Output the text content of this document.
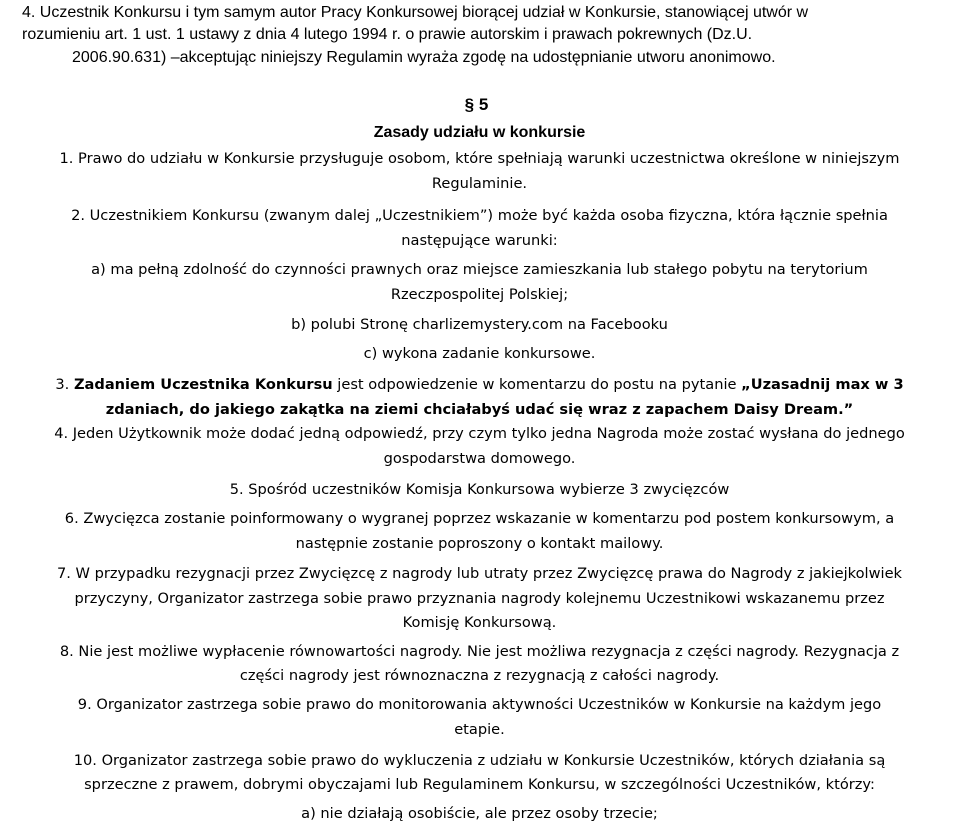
4. Uczestnik Konkursu i tym samym autor Pracy Konkursowej biorącej udział w Konkursie, stanowiącej utwór w

rozumieniu art. 1 ust. 1 ustawy z dnia 4 lutego 1994 r. o prawie autorskim i prawach pokrewnych (Dz.U.

2006.90.631) –akceptując niniejszy Regulamin wyraża zgodę na udostępnianie utworu anonimowo.

§ 5
Zasady udziału w konkursie

1. Prawo do udziału w Konkursie przysługuje osobom, które spełniają warunki uczestnictwa określone w niniejszym

Regulaminie.

2. Uczestnikiem Konkursu (zwanym dalej „Uczestnikiem”) może być każda osoba fizyczna, która łącznie spełnia

następujące warunki:

a) ma pełną zdolność do czynności prawnych oraz miejsce zamieszkania lub stałego pobytu na terytorium

Rzeczpospolitej Polskiej;

b) polubi Stronę charlizemystery.com na Facebooku

c) wykona zadanie konkursowe.

3. Zadaniem Uczestnika Konkursu jest odpowiedzenie w komentarzu do postu na pytanie „Uzasadnij max w 3

zdaniach, do jakiego zakątka na ziemi chciałabyś udać się wraz z zapachem Daisy Dream.”

4. Jeden Użytkownik może dodać jedną odpowiedź, przy czym tylko jedna Nagroda może zostać wysłana do jednego

gospodarstwa domowego.

5. Spośród uczestników Komisja Konkursowa wybierze 3 zwycięzców

6. Zwycięzca zostanie poinformowany o wygranej poprzez wskazanie w komentarzu pod postem konkursowym, a

następnie zostanie poproszony o kontakt mailowy.

7. W przypadku rezygnacji przez Zwycięzcę z nagrody lub utraty przez Zwycięzcę prawa do Nagrody z jakiejkolwiek

przyczyny, Organizator zastrzega sobie prawo przyznania nagrody kolejnemu Uczestnikowi wskazanemu przez

Komisję Konkursową.

8. Nie jest możliwe wypłacenie równowartości nagrody. Nie jest możliwa rezygnacja z części nagrody. Rezygnacja z

części nagrody jest równoznaczna z rezygnacją z całości nagrody.

9. Organizator zastrzega sobie prawo do monitorowania aktywności Uczestników w Konkursie na każdym jego

etapie.

10. Organizator zastrzega sobie prawo do wykluczenia z udziału w Konkursie Uczestników, których działania są

sprzeczne z prawem, dobrymi obyczajami lub Regulaminem Konkursu, w szczególności Uczestników, którzy:

a) nie działają osobiście, ale przez osoby trzecie;
